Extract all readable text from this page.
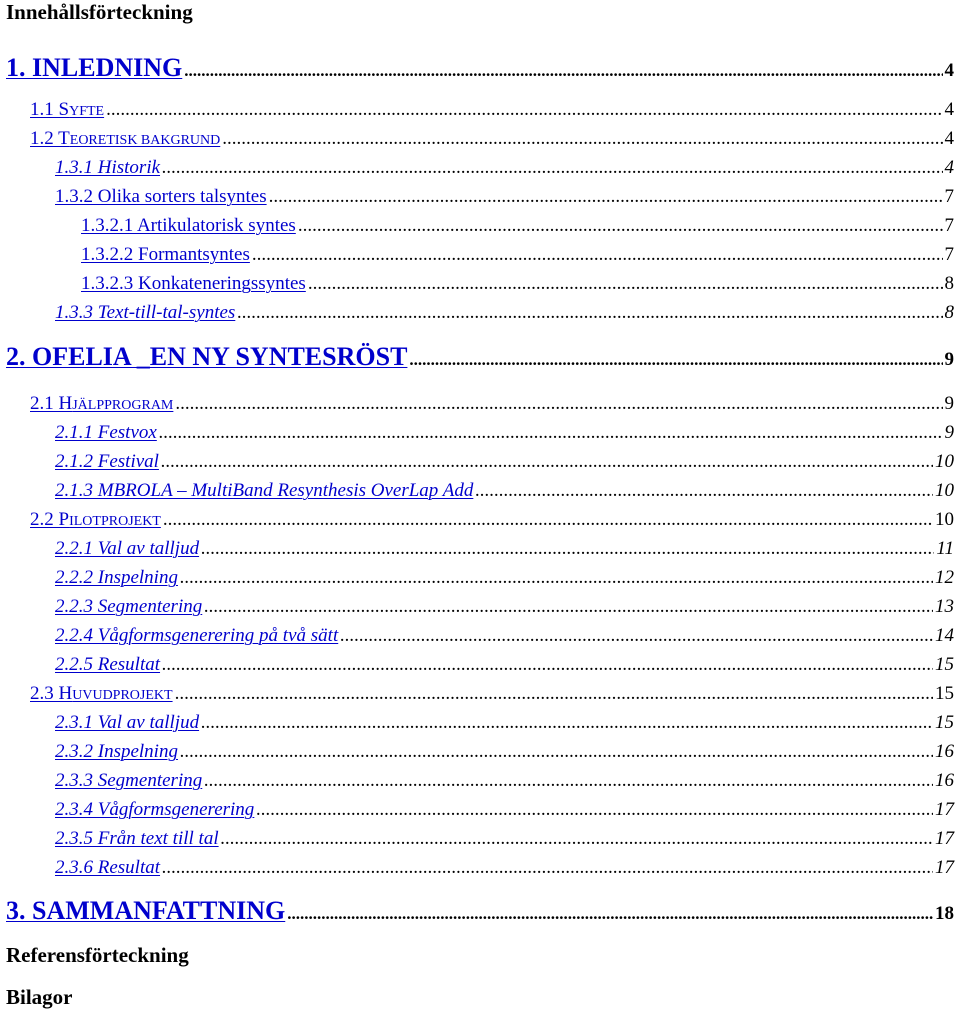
Innehållsförteckning
1. INLEDNING .....	4
1.1 SYFTE .....	4
1.2 TEORETISK BAKGRUND .....	4
1.3.1 Historik .....	4
1.3.2 Olika sorters talsyntes .....	7
1.3.2.1 Artikulatorisk syntes .....	7
1.3.2.2 Formantsyntes .....	7
1.3.2.3 Konkateneringssyntes .....	8
1.3.3 Text-till-tal-syntes .....	8
2. OFELIA _EN NY SYNTESRÖST .....	9
2.1 HJÄLPPROGRAM .....	9
2.1.1 Festvox .....	9
2.1.2 Festival .....	10
2.1.3 MBROLA – MultiBand Resynthesis OverLap Add .....	10
2.2 PILOTPROJEKT .....	10
2.2.1 Val av talljud .....	11
2.2.2 Inspelning .....	12
2.2.3 Segmentering .....	13
2.2.4 Vågformsgenerering på två sätt .....	14
2.2.5 Resultat .....	15
2.3 HUVUDPROJEKT .....	15
2.3.1 Val av talljud .....	15
2.3.2 Inspelning .....	16
2.3.3 Segmentering .....	16
2.3.4 Vågformsgenerering .....	17
2.3.5 Från text till tal .....	17
2.3.6 Resultat .....	17
3. SAMMANFATTNING .....	18
Referensförteckning
Bilagor
